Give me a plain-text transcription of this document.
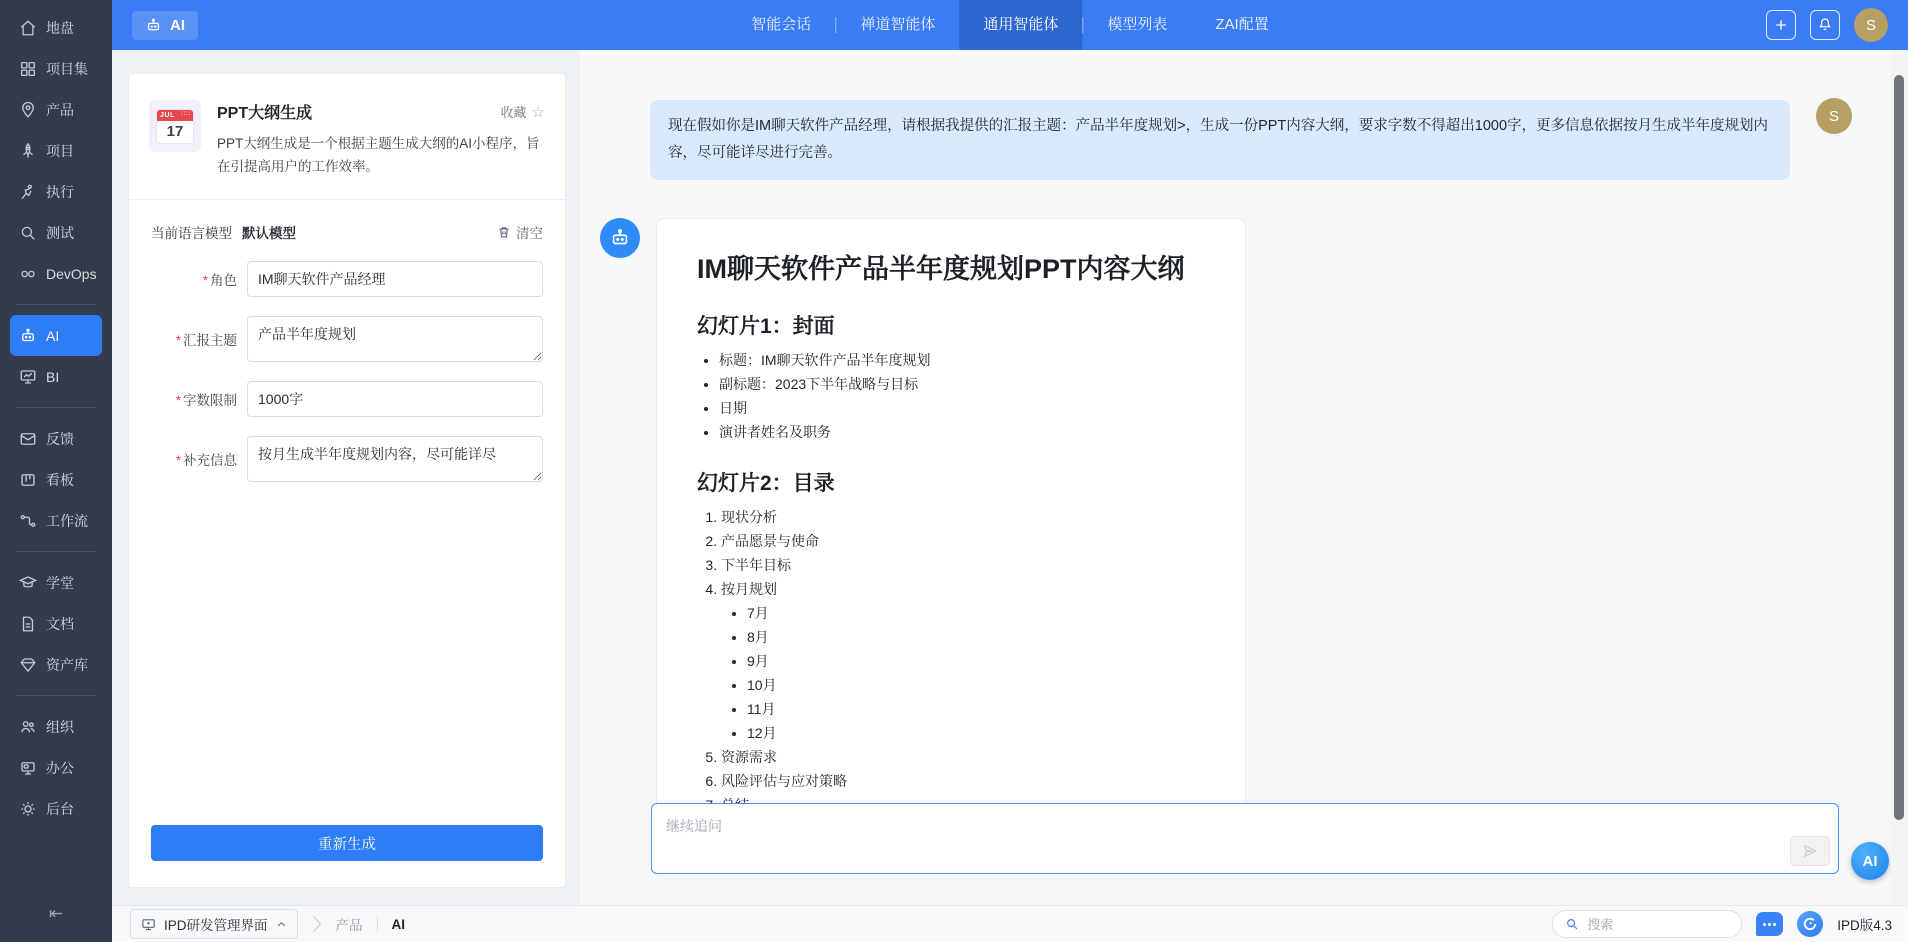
地盘
项目集
产品
项目
执行
测试
DevOps
AI
BI
反馈
看板
工作流
学堂
文档
资产库
组织
办公
后台
⇤
AI	智能会话	禅道智能体	通用智能体	模型列表	ZAI配置	S
JUL ::::
17
PPT大纲生成	收藏 ☆
PPT大纲生成是一个根据主题生成大纲的AI小程序，旨在引提高用户的工作效率。
当前语言模型 默认模型	清空
* 角色
IM聊天软件产品经理
* 汇报主题
产品半年度规划
* 字数限制
1000字
* 补充信息
按月生成半年度规划内容，尽可能详尽
重新生成
现在假如你是IM聊天软件产品经理，请根据我提供的汇报主题：产品半年度规划>，生成一份PPT内容大纲，要求字数不得超出1000字，更多信息依据按月生成半年度规划内容，尽可能详尽进行完善。
S
IM聊天软件产品半年度规划PPT内容大纲
幻灯片1：封面
• 标题：IM聊天软件产品半年度规划
• 副标题：2023下半年战略与目标
• 日期
• 演讲者姓名及职务
幻灯片2：目录
1. 现状分析
2. 产品愿景与使命
3. 下半年目标
4. 按月规划
• 7月
• 8月
• 9月
• 10月
• 11月
• 12月
5. 资源需求
6. 风险评估与应对策略
7.
继续追问
AI
IPD研发管理界面	产品 AI
搜索	IPD版4.3
